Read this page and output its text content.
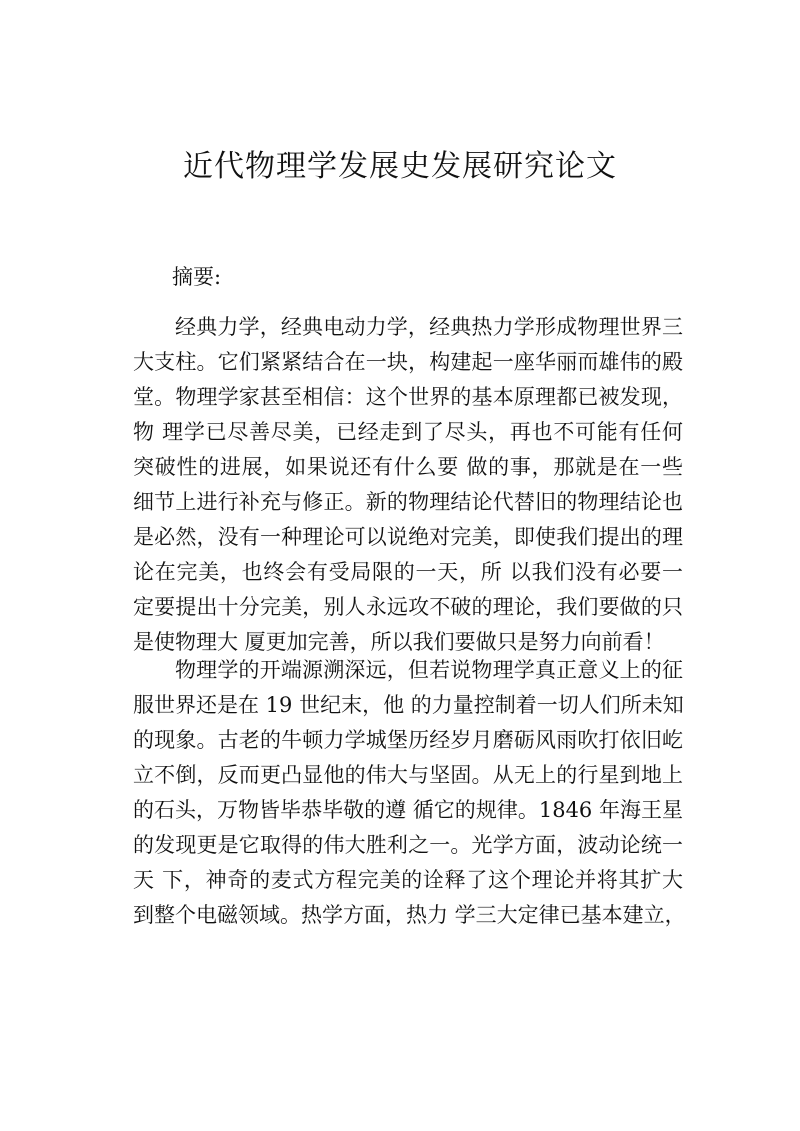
近代物理学发展史发展研究论文

摘要:

经典力学，经典电动力学，经典热力学形成物理世界三
大支柱。它们紧紧结合在一块，构建起一座华丽而雄伟的殿
堂。物理学家甚至相信：这个世界的基本原理都已被发现，
物 理学已尽善尽美，已经走到了尽头，再也不可能有任何
突破性的进展，如果说还有什么要 做的事，那就是在一些
细节上进行补充与修正。新的物理结论代替旧的物理结论也
是必然，没有一种理论可以说绝对完美，即使我们提出的理
论在完美，也终会有受局限的一天，所 以我们没有必要一
定要提出十分完美，别人永远攻不破的理论，我们要做的只
是使物理大 厦更加完善，所以我们要做只是努力向前看！
物理学的开端源溯深远，但若说物理学真正意义上的征
服世界还是在 19 世纪末，他 的力量控制着一切人们所未知
的现象。古老的牛顿力学城堡历经岁月磨砺风雨吹打依旧屹
立不倒，反而更凸显他的伟大与坚固。从无上的行星到地上
的石头，万物皆毕恭毕敬的遵 循它的规律。1846 年海王星
的发现更是它取得的伟大胜利之一。光学方面，波动论统一
天 下，神奇的麦式方程完美的诠释了这个理论并将其扩大
到整个电磁领域。热学方面，热力 学三大定律已基本建立，
